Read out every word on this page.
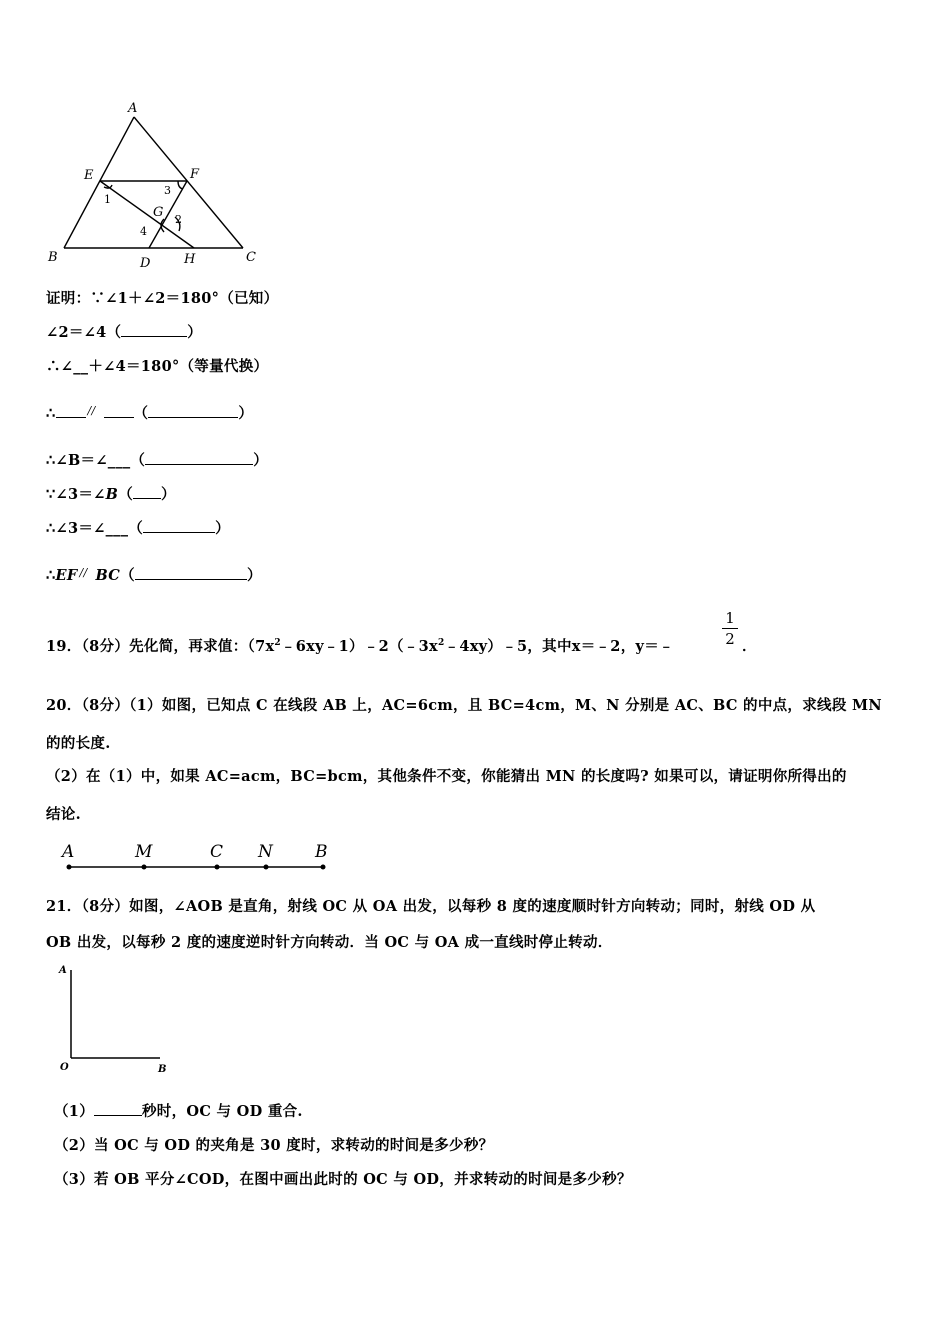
A
E	F
G
B	D	H	C
1
2
3
4
证明：∵∠1＋∠2＝180°（已知）
∠2＝∠4（	）
∴∠__＋∠4＝180°（等量代换）
∴	//	（	）
∴∠B＝∠___（	）
∵∠3＝∠B（ ）
∴∠3＝∠___（	）
∴EF // BC（	）
19．（8分）先化简，再求值：$(7x^2﹣6xy﹣1)﹣2(﹣3x^2﹣4xy)﹣5$，其中x＝﹣2，y＝﹣
1
2 ．
20．（8分）（1）如图，已知点 C 在线段 AB 上，AC=6cm，且 BC=4cm，M、N 分别是 AC、BC 的中点，求线段 MN
的的长度.
（2）在（1）中，如果 AC=acm，BC=bcm，其他条件不变，你能猜出 MN 的长度吗? 如果可以，请证明你所得出的
结论.
A	M	C N B
21．（8分）如图，∠AOB 是直角，射线 OC 从 OA 出发，以每秒 8 度的速度顺时针方向转动；同时，射线 OD 从
OB 出发，以每秒 2 度的速度逆时针方向转动．当 OC 与 OA 成一直线时停止转动．
A
O	B
（1）	秒时，OC 与 OD 重合.
（2）当 OC 与 OD 的夹角是 30 度时，求转动的时间是多少秒？
（3）若 OB 平分∠COD，在图中画出此时的 OC 与 OD，并求转动的时间是多少秒？
